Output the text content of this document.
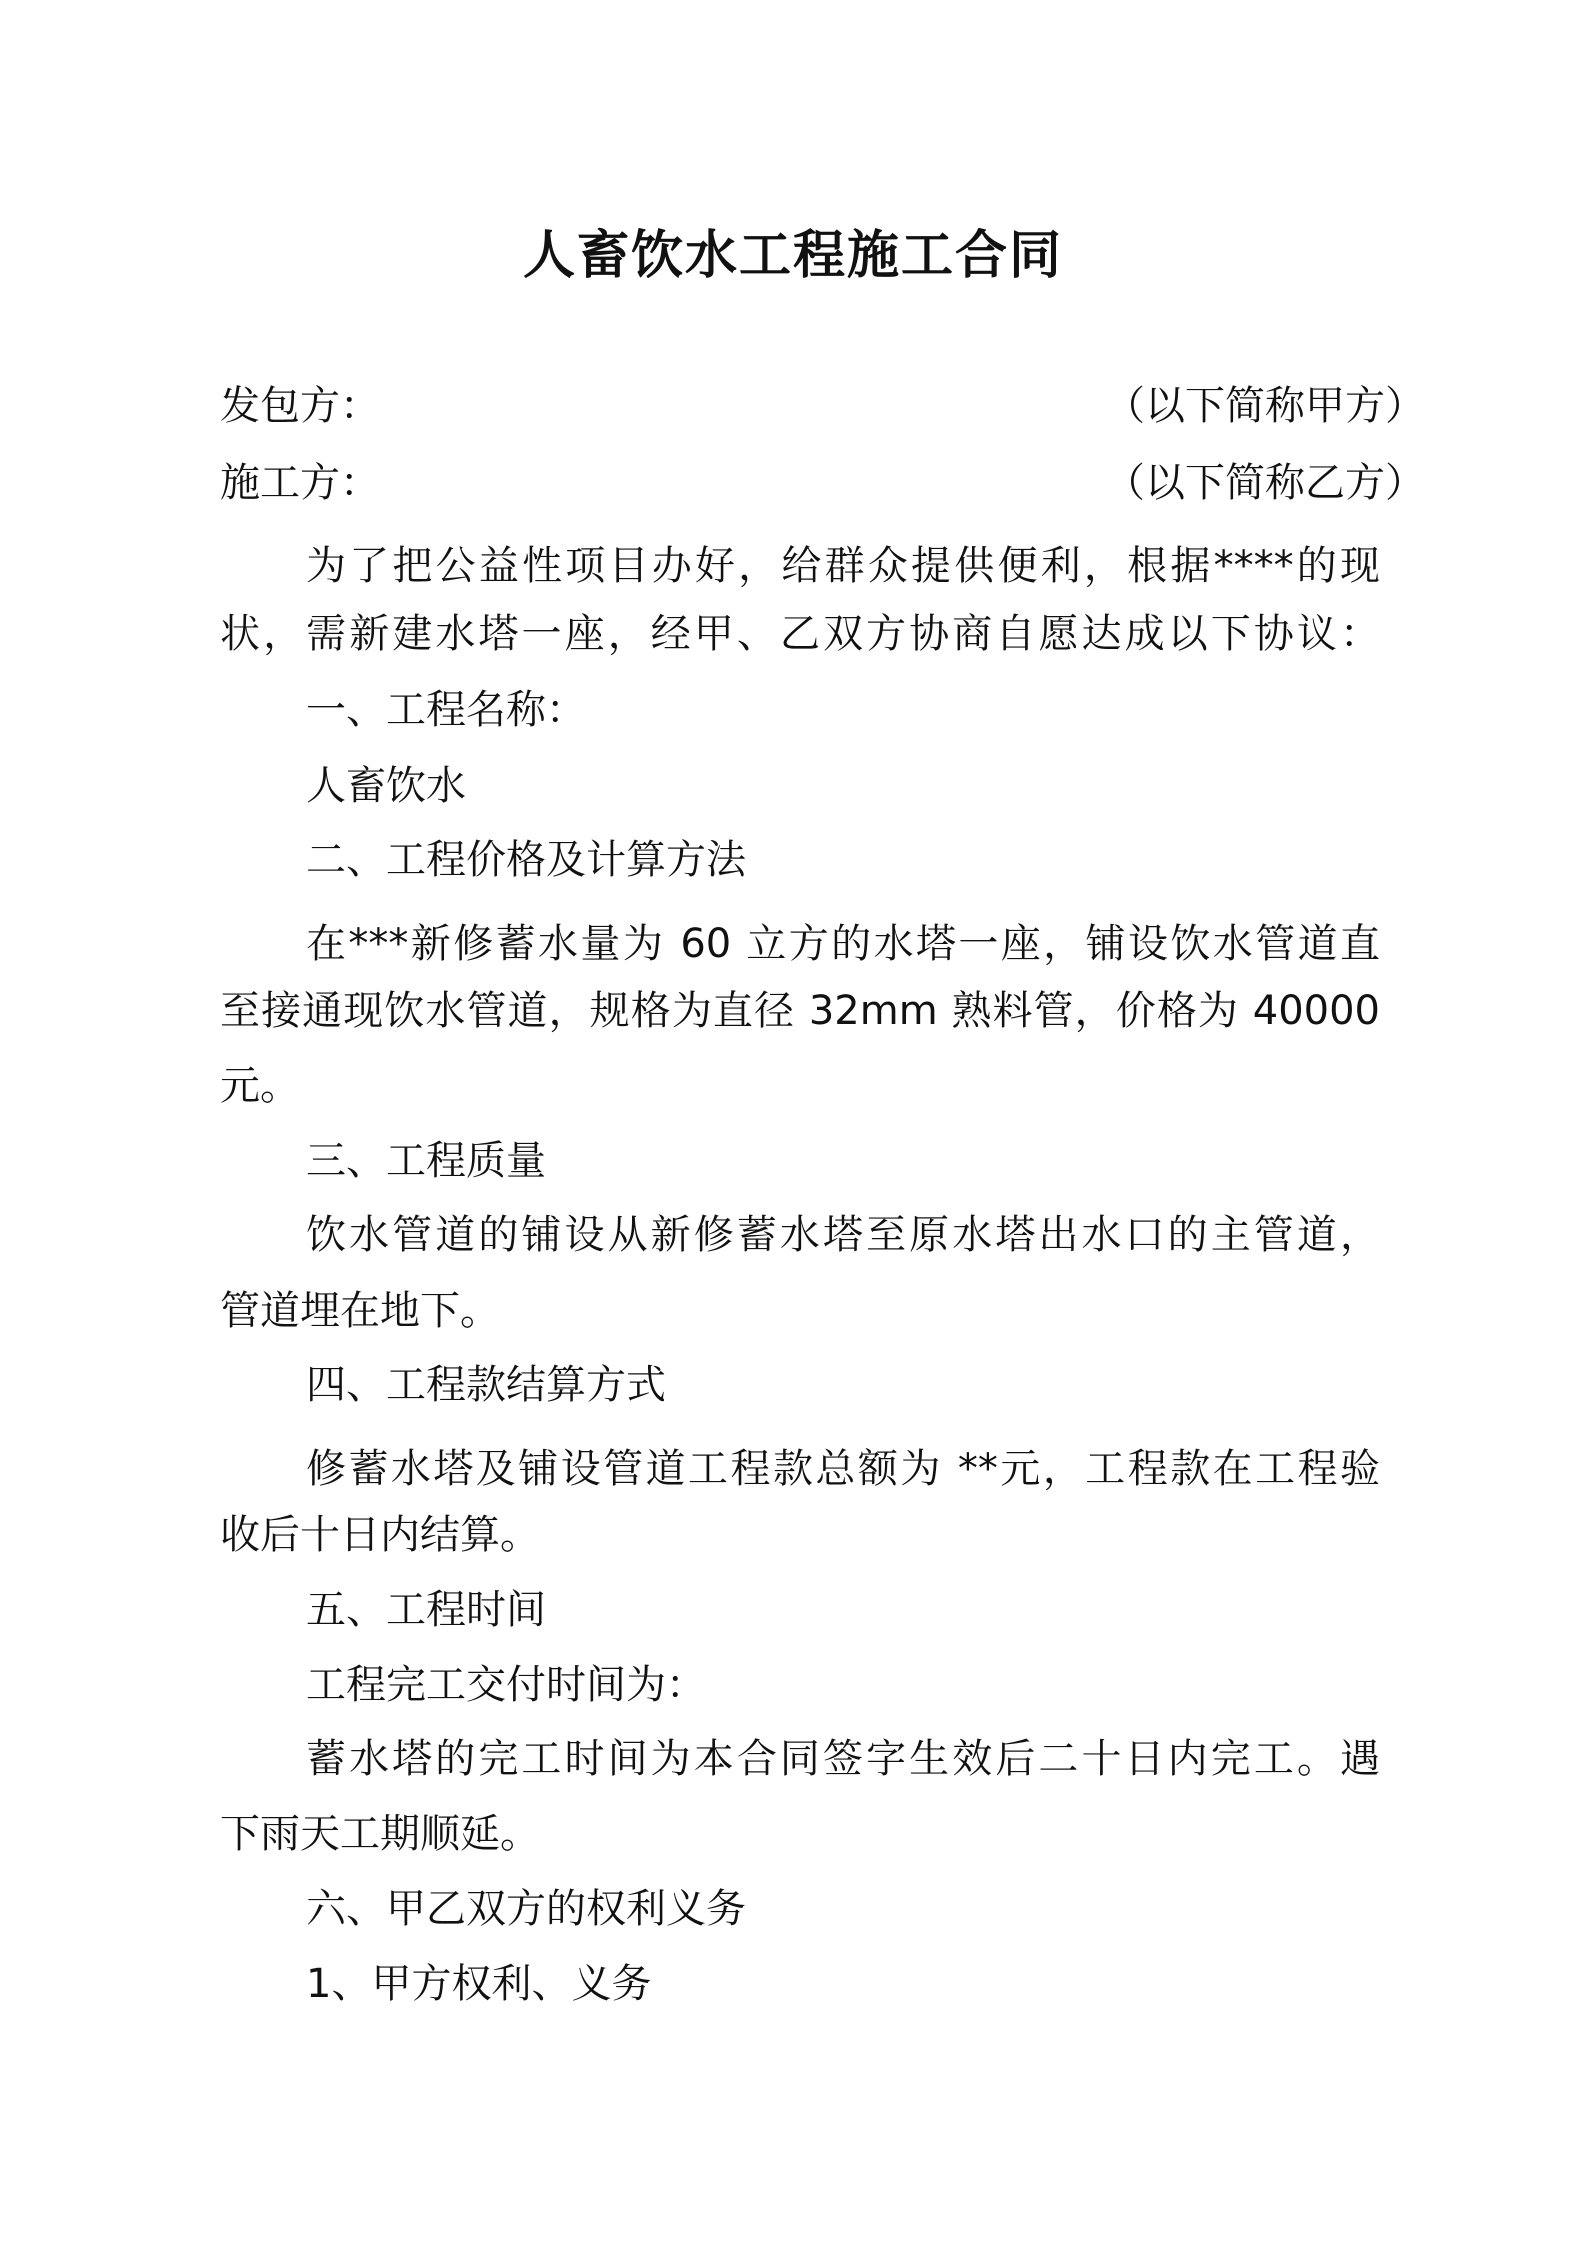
人畜饮水工程施工合同
发包方：	（以下简称甲方）
施工方：	（以下简称乙方）
为了把公益性项目办好，给群众提供便利，根据****的现
状，需新建水塔一座，经甲、乙双方协商自愿达成以下协议：
一、工程名称：
人畜饮水
二、工程价格及计算方法
在***新修蓄水量为 60 立方的水塔一座，铺设饮水管道直
至接通现饮水管道，规格为直径 32mm 熟料管，价格为 40000
元。
三、工程质量
饮水管道的铺设从新修蓄水塔至原水塔出水口的主管道，
管道埋在地下。
四、工程款结算方式
修蓄水塔及铺设管道工程款总额为 **元，工程款在工程验
收后十日内结算。
五、工程时间
工程完工交付时间为：
蓄水塔的完工时间为本合同签字生效后二十日内完工。遇
下雨天工期顺延。
六、甲乙双方的权利义务
1、甲方权利、义务
